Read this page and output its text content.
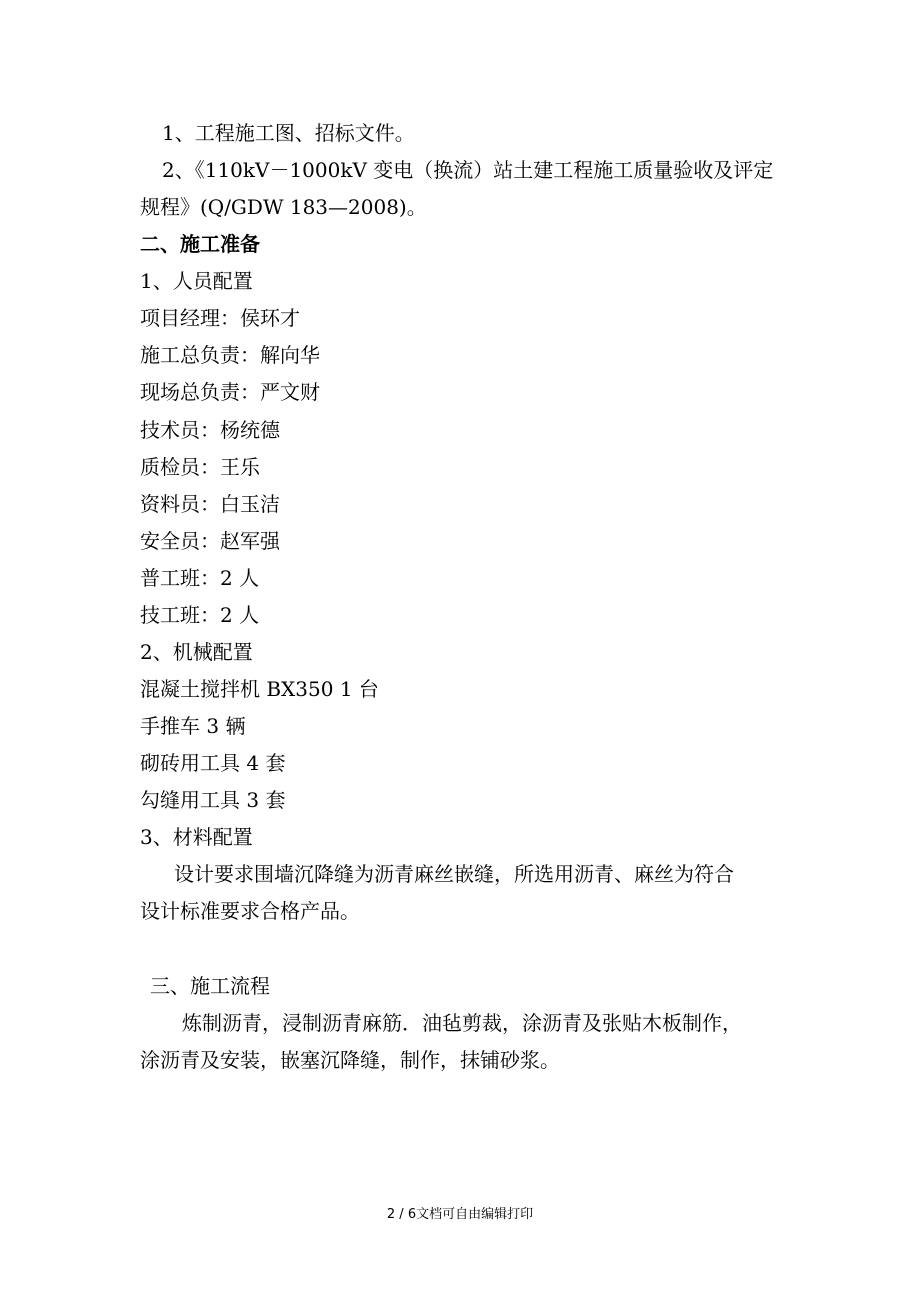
1、工程施工图、招标文件。
2、《110kV－1000kV 变电（换流）站土建工程施工质量验收及评定
规程》(Q/GDW 183—2008)。
二、施工准备
1、人员配置
项目经理：侯环才
施工总负责：解向华
现场总负责：严文财
技术员：杨统德
质检员：王乐
资料员：白玉洁
安全员：赵军强
普工班：2 人
技工班：2 人
2、机械配置
混凝土搅拌机 BX350 1 台
手推车 3 辆
砌砖用工具 4 套
勾缝用工具 3 套
3、材料配置
设计要求围墙沉降缝为沥青麻丝嵌缝，所选用沥青、麻丝为符合
设计标准要求合格产品。
三、施工流程
炼制沥青，浸制沥青麻筋．油毡剪裁，涂沥青及张贴木板制作，
涂沥青及安装，嵌塞沉降缝，制作，抹铺砂浆。
2 / 6文档可自由编辑打印
